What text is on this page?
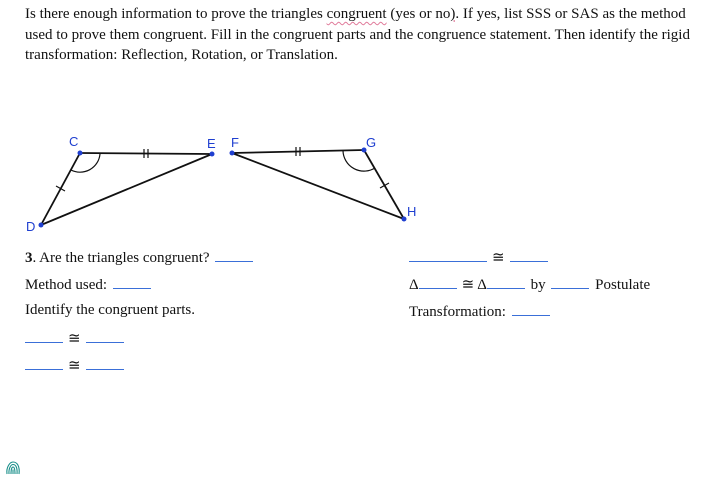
Is there enough information to prove the triangles congruent (yes or no). If yes, list SSS or SAS as the method
used to prove them congruent. Fill in the congruent parts and the congruence statement. Then identify the rigid
transformation: Reflection, Rotation, or Translation.
C
D
E F	G
H
3. Are the triangles congruent?
Method used:
Identify the congruent parts.
≅
≅
≅
Δ	≅ Δ	by	Postulate
Transformation:
